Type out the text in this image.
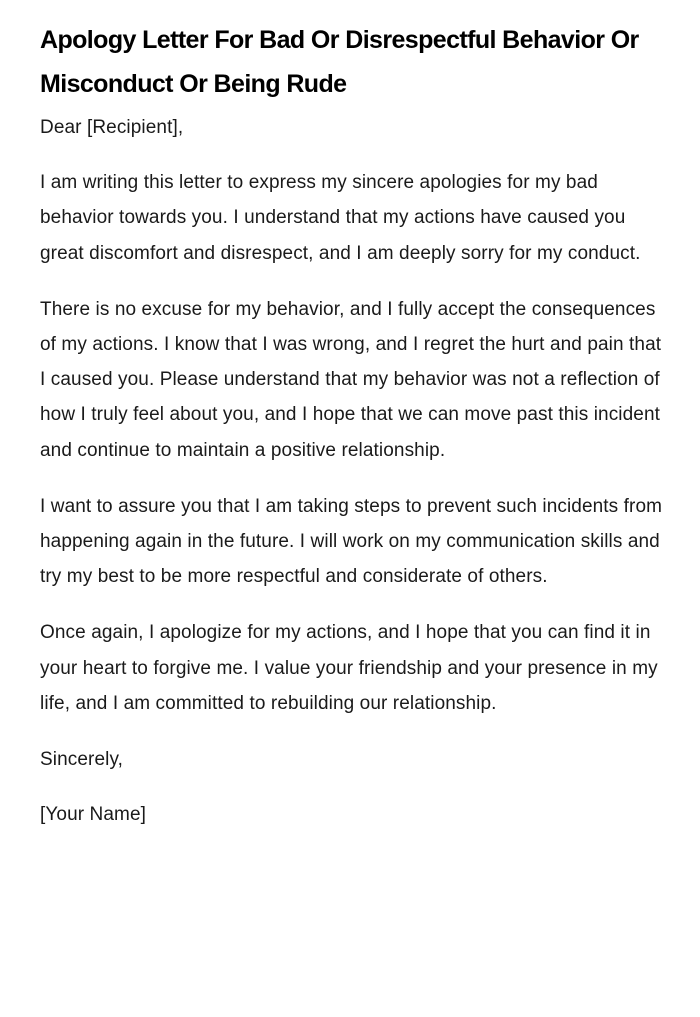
Apology Letter For Bad Or Disrespectful Behavior Or Misconduct Or Being Rude

Dear [Recipient],

I am writing this letter to express my sincere apologies for my bad behavior towards you. I understand that my actions have caused you great discomfort and disrespect, and I am deeply sorry for my conduct.

There is no excuse for my behavior, and I fully accept the consequences of my actions. I know that I was wrong, and I regret the hurt and pain that I caused you. Please understand that my behavior was not a reflection of how I truly feel about you, and I hope that we can move past this incident and continue to maintain a positive relationship.

I want to assure you that I am taking steps to prevent such incidents from happening again in the future. I will work on my communication skills and try my best to be more respectful and considerate of others.

Once again, I apologize for my actions, and I hope that you can find it in your heart to forgive me. I value your friendship and your presence in my life, and I am committed to rebuilding our relationship.

Sincerely,

[Your Name]
